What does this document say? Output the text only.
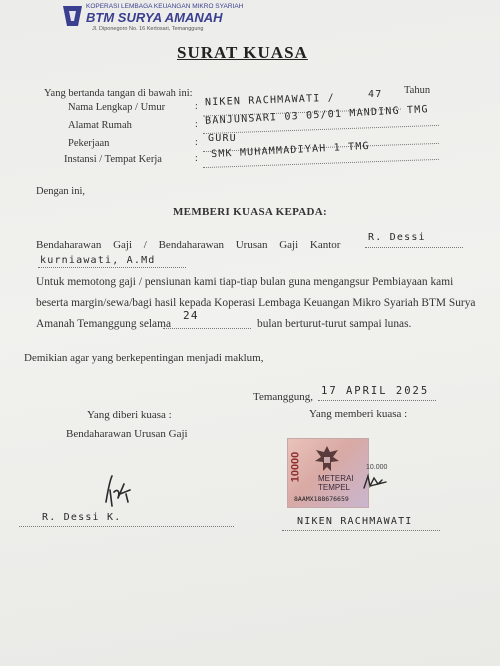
KOPERASI LEMBAGA KEUANGAN MIKRO SYARIAH
BTM SURYA AMANAH
Jl. Diponegoro No. 16 Kertosari, Temanggung
SURAT KUASA
Yang bertanda tangan di bawah ini:
Nama Lengkap / Umur	: NIKEN RACHMAWATI /	47 Tahun
Alamat Rumah	: BANJUNSARI 03 05/01 MANDING TMG
Pekerjaan	: GURU
Instansi / Tempat Kerja	: SMK MUHAMMADIYAH 1 TMG
Dengan ini,
MEMBERI KUASA KEPADA:
Bendaharawan Gaji / Bendaharawan Urusan Gaji Kantor
R. Dessi
kurniawati, A.Md
Untuk memotong gaji / pensiunan kami tiap-tiap bulan guna mengangsur Pembiayaan kami
beserta margin/sewa/bagi hasil kepada Koperasi Lembaga Keuangan Mikro Syariah BTM Surya
Amanah Temanggung selama
24
bulan berturut-turut sampai lunas.
Demikian agar yang berkepentingan menjadi maklum,
Temanggung, 17 APRIL 2025
Yang diberi kuasa :	Yang memberi kuasa :
Bendaharawan Urusan Gaji
R. Dessi K.
10000 METERAI
TEMPEL
8AAMX188676659
10.000
NIKEN RACHMAWATI
